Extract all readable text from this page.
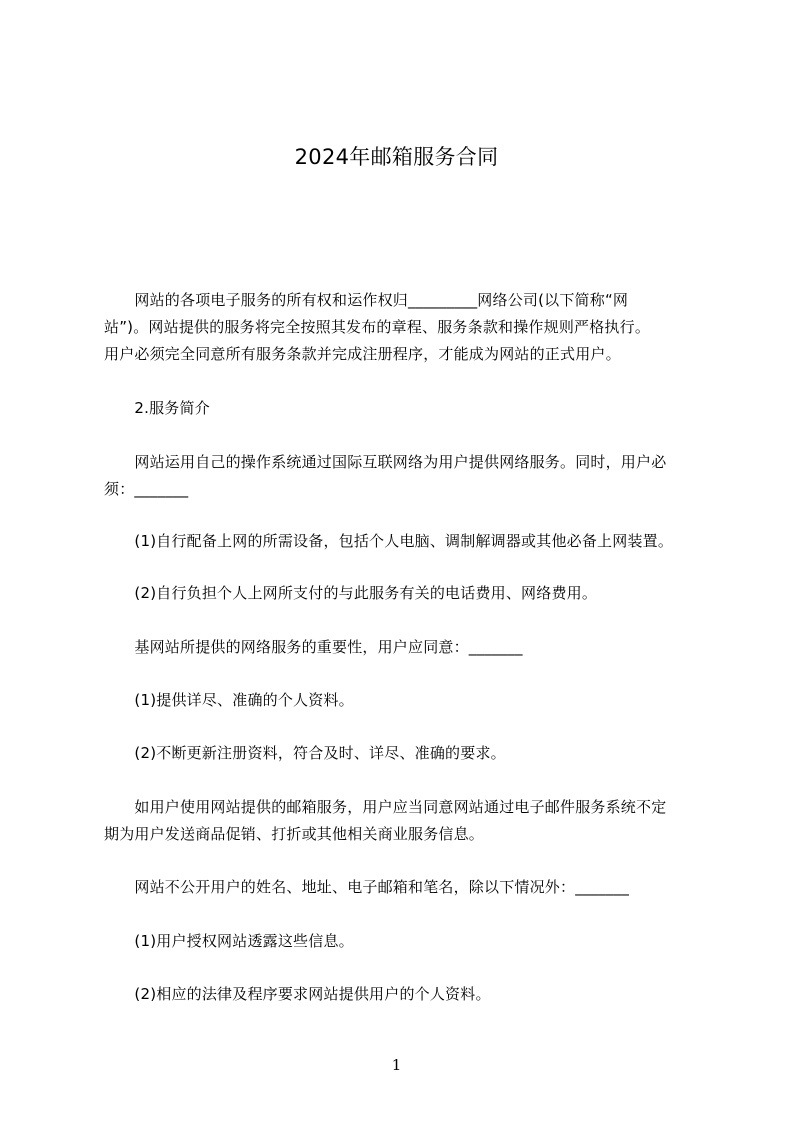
2024年邮箱服务合同
　　网站的各项电子服务的所有权和运作权归_________网络公司(以下简称“网
站”)。网站提供的服务将完全按照其发布的章程、服务条款和操作规则严格执行。
用户必须完全同意所有服务条款并完成注册程序，才能成为网站的正式用户。
　　2.服务简介
　　网站运用自己的操作系统通过国际互联网络为用户提供网络服务。同时，用户必
须：_______
　　(1)自行配备上网的所需设备，包括个人电脑、调制解调器或其他必备上网装置。
　　(2)自行负担个人上网所支付的与此服务有关的电话费用、网络费用。
　　基网站所提供的网络服务的重要性，用户应同意：_______
　　(1)提供详尽、准确的个人资料。
　　(2)不断更新注册资料，符合及时、详尽、准确的要求。
　　如用户使用网站提供的邮箱服务，用户应当同意网站通过电子邮件服务系统不定
期为用户发送商品促销、打折或其他相关商业服务信息。
　　网站不公开用户的姓名、地址、电子邮箱和笔名，除以下情况外：_______
　　(1)用户授权网站透露这些信息。
　　(2)相应的法律及程序要求网站提供用户的个人资料。
1
